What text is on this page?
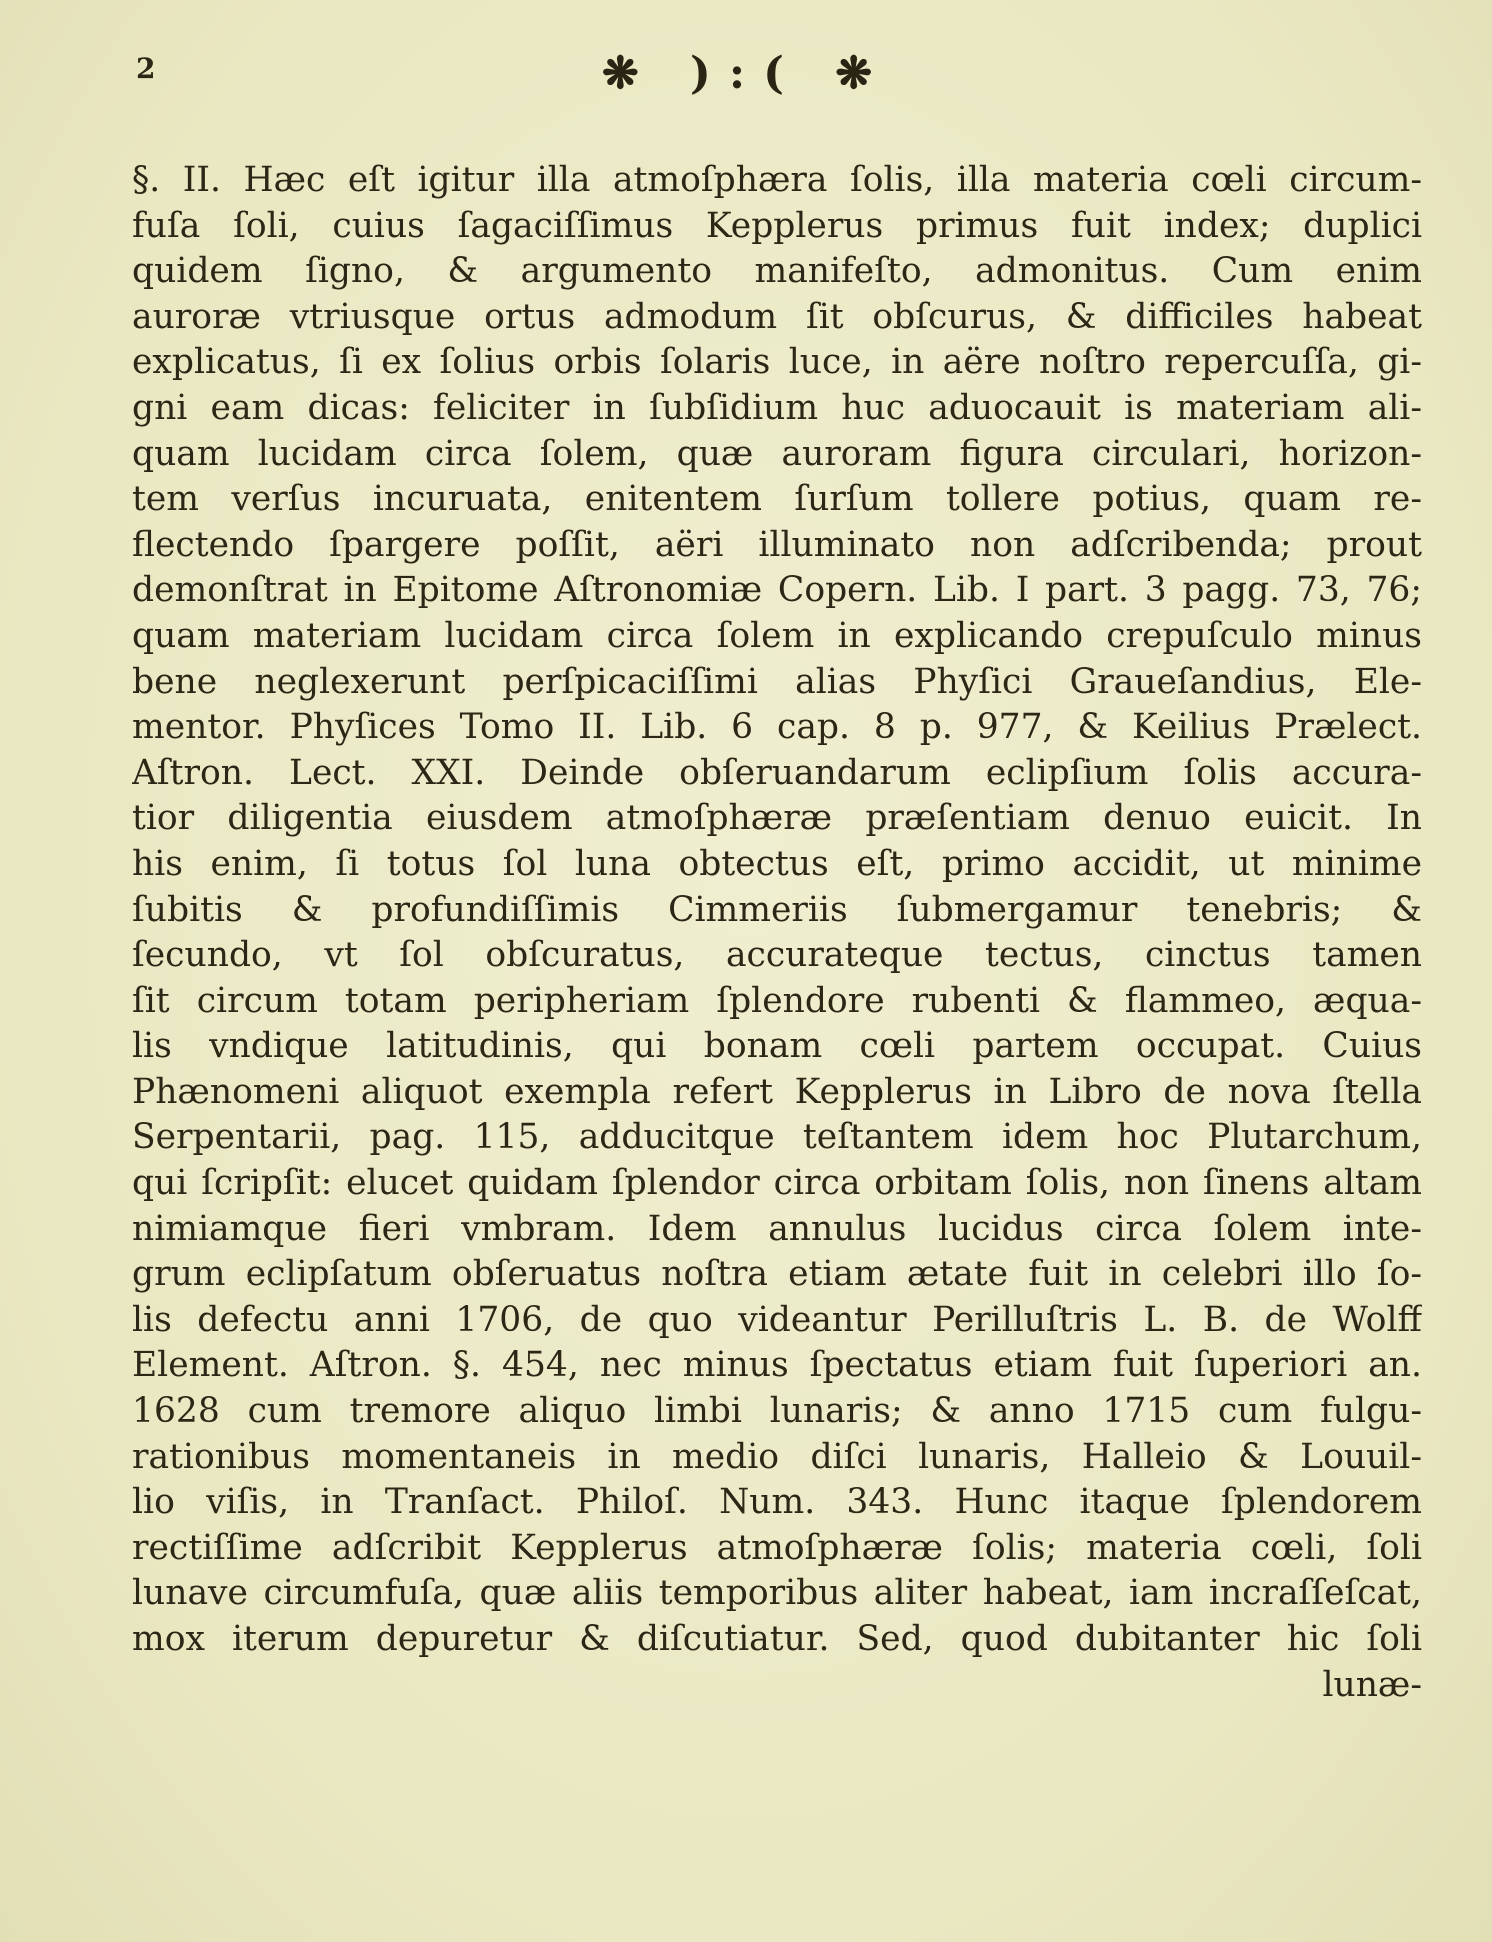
2	❋ ):( ❋
§. II. Hæc eſt igitur illa atmoſphæra ſolis, illa materia cœli circum-
fuſa ſoli, cuius ſagaciſſimus Kepplerus primus fuit index; duplici
quidem ſigno, & argumento manifeſto, admonitus. Cum enim
auroræ vtriusque ortus admodum ſit obſcurus, & difficiles habeat
explicatus, ſi ex ſolius orbis ſolaris luce, in aëre noſtro repercuſſa, gi-
gni eam dicas: feliciter in ſubſidium huc aduocauit is materiam ali-
quam lucidam circa ſolem, quæ auroram figura circulari, horizon-
tem verſus incuruata, enitentem ſurſum tollere potius, quam re-
flectendo ſpargere poſſit, aëri illuminato non adſcribenda; prout
demonſtrat in Epitome Aſtronomiæ Copern. Lib. I part. 3 pagg. 73, 76;
quam materiam lucidam circa ſolem in explicando crepuſculo minus
bene neglexerunt perſpicaciſſimi alias Phyſici Graueſandius, Ele-
mentor. Phyſices Tomo II. Lib. 6 cap. 8 p. 977, & Keilius Prælect.
Aſtron. Lect. XXI. Deinde obſeruandarum eclipſium ſolis accura-
tior diligentia eiusdem atmoſphæræ præſentiam denuo euicit. In
his enim, ſi totus ſol luna obtectus eſt, primo accidit, ut minime
ſubitis & profundiſſimis Cimmeriis ſubmergamur tenebris; &
ſecundo, vt ſol obſcuratus, accurateque tectus, cinctus tamen
ſit circum totam peripheriam ſplendore rubenti & flammeo, æqua-
lis vndique latitudinis, qui bonam cœli partem occupat. Cuius
Phænomeni aliquot exempla refert Kepplerus in Libro de nova ſtella
Serpentarii, pag. 115, adducitque teſtantem idem hoc Plutarchum,
qui ſcripſit: elucet quidam ſplendor circa orbitam ſolis, non ſinens altam
nimiamque fieri vmbram. Idem annulus lucidus circa ſolem inte-
grum eclipſatum obſeruatus noſtra etiam ætate fuit in celebri illo ſo-
lis defectu anni 1706, de quo videantur Perilluſtris L. B. de Wolff
Element. Aſtron. §. 454, nec minus ſpectatus etiam fuit ſuperiori an.
1628 cum tremore aliquo limbi lunaris; & anno 1715 cum fulgu-
rationibus momentaneis in medio diſci lunaris, Halleio & Louuil-
lio viſis, in Tranſact. Philoſ. Num. 343. Hunc itaque ſplendorem
rectiſſime adſcribit Kepplerus atmoſphæræ ſolis; materia cœli, ſoli
lunave circumfuſa, quæ aliis temporibus aliter habeat, iam incraſſeſcat,
mox iterum depuretur & diſcutiatur. Sed, quod dubitanter hic ſoli
lunæ-
